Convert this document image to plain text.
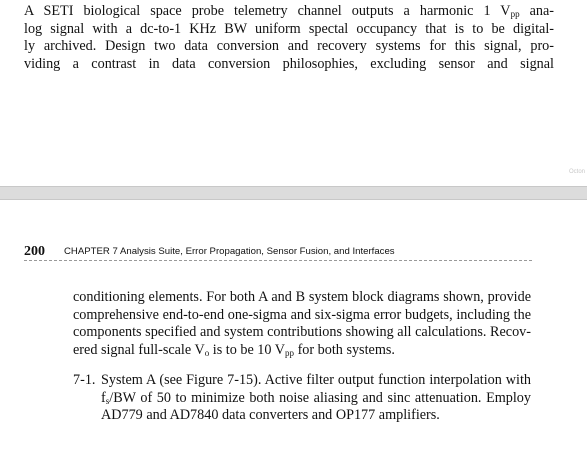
A SETI biological space probe telemetry channel outputs a harmonic 1 $V_{pp}$ ana-
log signal with a dc-to-1 KHz BW uniform spectal occupancy that is to be digital-
ly archived. Design two data conversion and recovery systems for this signal, pro-
viding a contrast in data conversion philosophies, excluding sensor and signal

Octon
200 CHAPTER 7 Analysis Suite, Error Propagation, Sensor Fusion, and Interfaces

conditioning elements. For both A and B system block diagrams shown, provide
comprehensive end-to-end one-sigma and six-sigma error budgets, including the
components specified and system contributions showing all calculations. Recov-
ered signal full-scale $V_o$ is to be 10 $V_{pp}$ for both systems.

7-1. System A (see Figure 7-15). Active filter output function interpolation with
$f_s/BW$ of 50 to minimize both noise aliasing and sinc attenuation. Employ
AD779 and AD7840 data converters and OP177 amplifiers.
